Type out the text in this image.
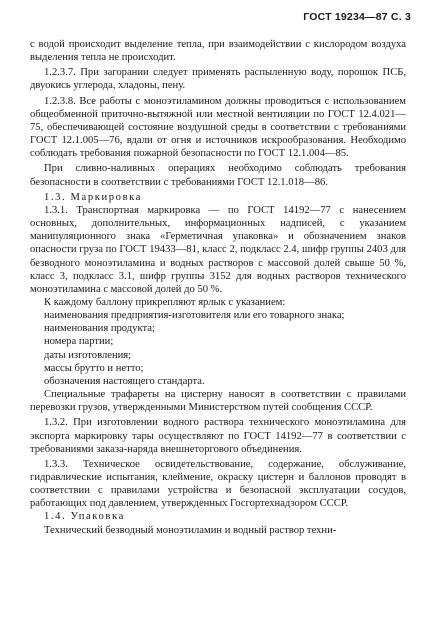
ГОСТ 19234—87 С. 3

с водой происходит выделение тепла, при взаимодействии с кислородом воздуха выделения тепла не происходит.

1.2.3.7. При загорании следует применять распыленную воду, порошок ПСБ, двуокись углерода, хладоны, пену.

1.2.3.8. Все работы с моноэтиламином должны проводиться с использованием общеобменной приточно-вытяжной или местной вентиляции по ГОСТ 12.4.021—75, обеспечивающей состояние воздушной среды в соответствии с требованиями ГОСТ 12.1.005—76, вдали от огня и источников искрообразования. Необходимо соблюдать требования пожарной безопасности по ГОСТ 12.1.004—85.

При сливно-наливных операциях необходимо соблюдать требования безопасности в соответствии с требованиями ГОСТ 12.1.018—86.

1.3. Маркировка

1.3.1. Транспортная маркировка — по ГОСТ 14192—77 с нанесением основных, дополнительных, информационных надписей, с указанием манипуляционного знака «Герметичная упаковка» и обозначением знаков опасности груза по ГОСТ 19433—81, класс 2, подкласс 2.4, шифр группы 2403 для безводного моноэтиламина и водных растворов с массовой долей свыше 50 %, класс 3, подкласс 3.1, шифр группы 3152 для водных растворов технического моноэтиламина с массовой долей до 50 %.

К каждому баллону прикрепляют ярлык с указанием:

наименования предприятия-изготовителя или его товарного знака;

наименования продукта;

номера партии;

даты изготовления;

массы брутто и нетто;

обозначения настоящего стандарта.

Специальные трафареты на цистерну наносят в соответствии с правилами перевозки грузов, утвержденными Министерством путей сообщения СССР.

1.3.2. При изготовлении водного раствора технического моноэтиламина для экспорта маркировку тары осуществляют по ГОСТ 14192—77 в соответствии с требованиями заказа-наряда внешнеторгового объединения.

1.3.3. Техническое освидетельствование, содержание, обслуживание, гидравлические испытания, клеймение, окраску цистерн и баллонов проводят в соответствии с правилами устройства и безопасной эксплуатации сосудов, работающих под давлением, утвержденных Госгортехнадзором СССР.

1.4. Упаковка

Технический безводный моноэтиламин и водный раствор техни-
